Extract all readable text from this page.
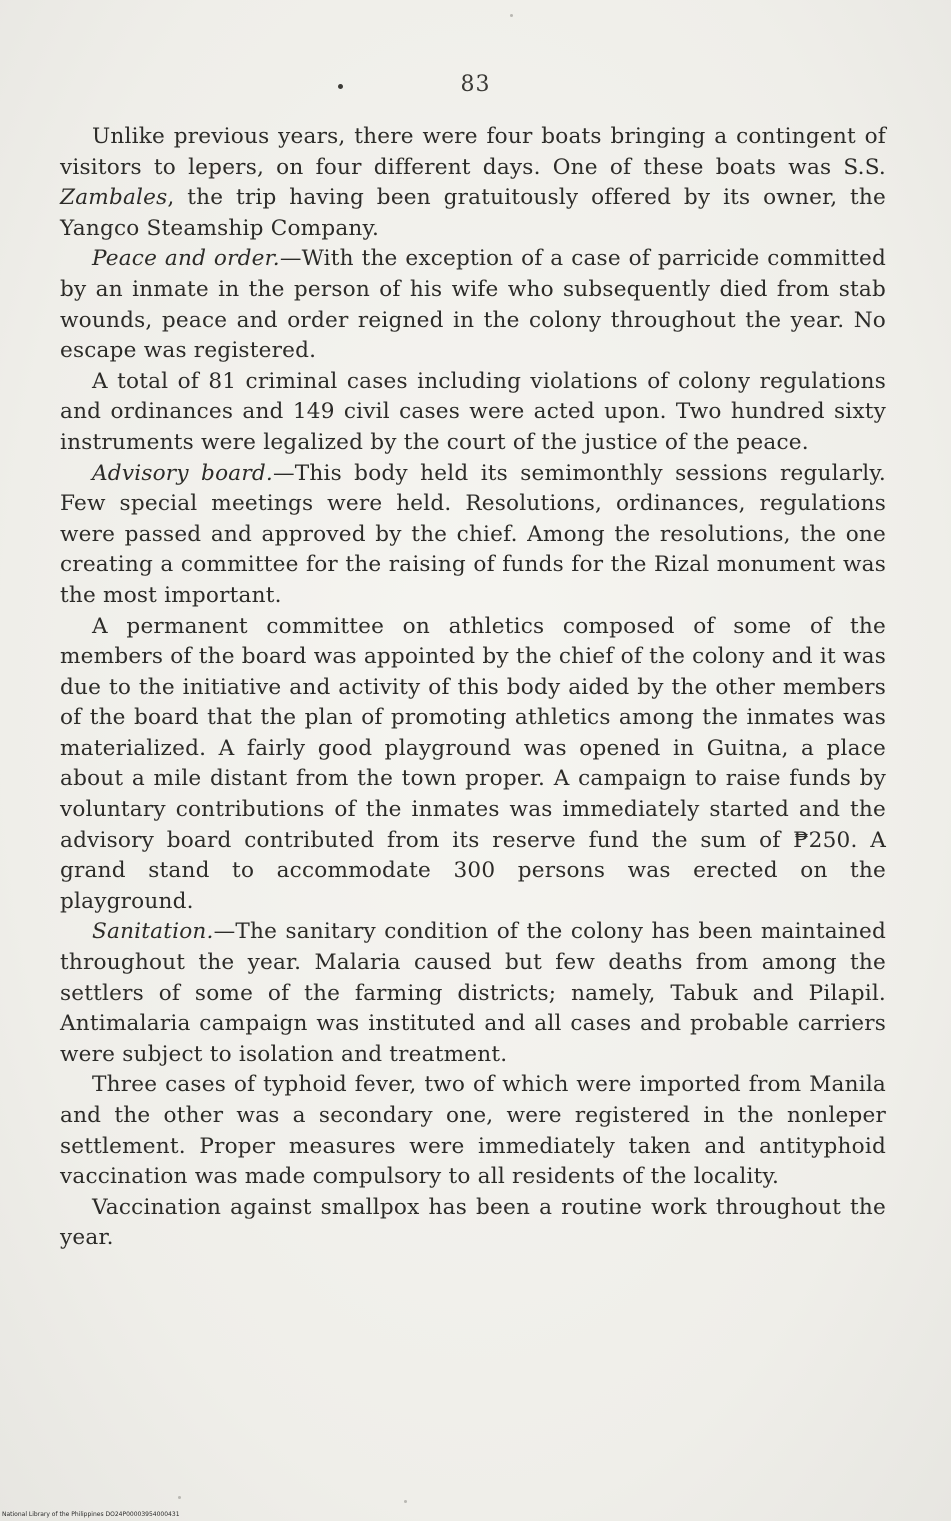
83

Unlike previous years, there were four boats bringing a contingent of visitors to lepers, on four different days. One of these boats was S.S. Zambales, the trip having been gratuitously offered by its owner, the Yangco Steamship Company.

Peace and order.—With the exception of a case of parricide committed by an inmate in the person of his wife who subsequently died from stab wounds, peace and order reigned in the colony throughout the year. No escape was registered.

A total of 81 criminal cases including violations of colony regulations and ordinances and 149 civil cases were acted upon. Two hundred sixty instruments were legalized by the court of the justice of the peace.

Advisory board.—This body held its semimonthly sessions regularly. Few special meetings were held. Resolutions, ordinances, regulations were passed and approved by the chief. Among the resolutions, the one creating a committee for the raising of funds for the Rizal monument was the most important.

A permanent committee on athletics composed of some of the members of the board was appointed by the chief of the colony and it was due to the initiative and activity of this body aided by the other members of the board that the plan of promoting athletics among the inmates was materialized. A fairly good playground was opened in Guitna, a place about a mile distant from the town proper. A campaign to raise funds by voluntary contributions of the inmates was immediately started and the advisory board contributed from its reserve fund the sum of ₱250. A grand stand to accommodate 300 persons was erected on the playground.

Sanitation.—The sanitary condition of the colony has been maintained throughout the year. Malaria caused but few deaths from among the settlers of some of the farming districts; namely, Tabuk and Pilapil. Antimalaria campaign was instituted and all cases and probable carriers were subject to isolation and treatment.

Three cases of typhoid fever, two of which were imported from Manila and the other was a secondary one, were registered in the nonleper settlement. Proper measures were immediately taken and antityphoid vaccination was made compulsory to all residents of the locality.

Vaccination against smallpox has been a routine work throughout the year.

National Library of the Philippines DO24P00003954000431
